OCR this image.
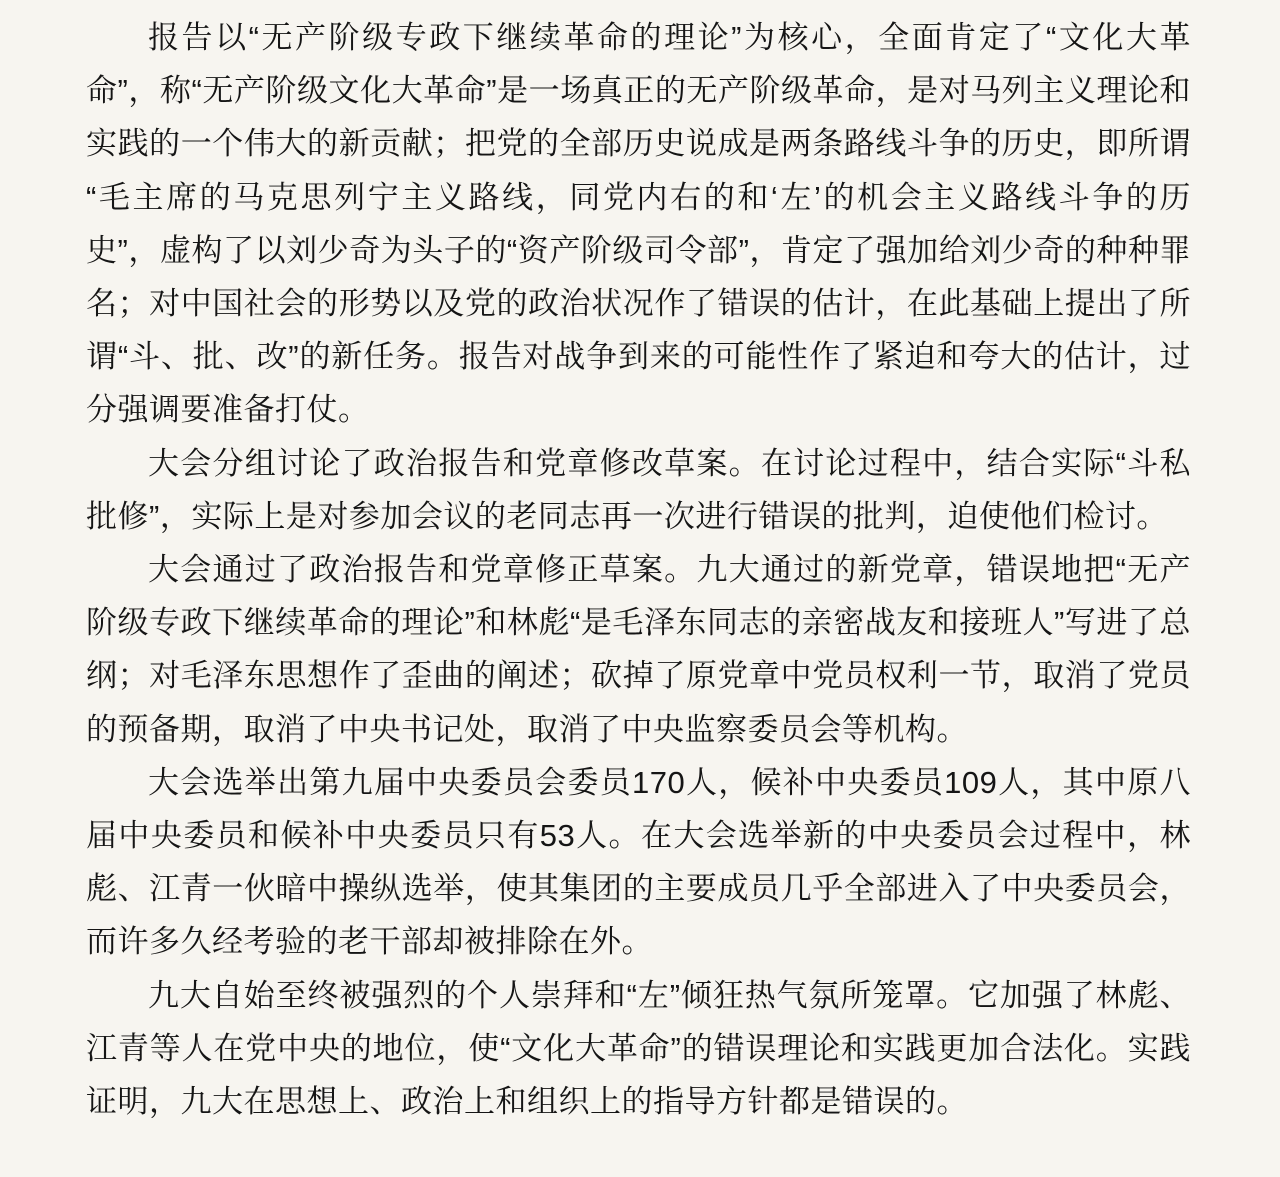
报告以“无产阶级专政下继续革命的理论”为核心，全面肯定了“文化大革命”，称“无产阶级文化大革命”是一场真正的无产阶级革命，是对马列主义理论和实践的一个伟大的新贡献；把党的全部历史说成是两条路线斗争的历史，即所谓“毛主席的马克思列宁主义路线，同党内右的和‘左’的机会主义路线斗争的历史”，虚构了以刘少奇为头子的“资产阶级司令部”，肯定了强加给刘少奇的种种罪名；对中国社会的形势以及党的政治状况作了错误的估计，在此基础上提出了所谓“斗、批、改”的新任务。报告对战争到来的可能性作了紧迫和夸大的估计，过分强调要准备打仗。

大会分组讨论了政治报告和党章修改草案。在讨论过程中，结合实际“斗私批修”，实际上是对参加会议的老同志再一次进行错误的批判，迫使他们检讨。

大会通过了政治报告和党章修正草案。九大通过的新党章，错误地把“无产阶级专政下继续革命的理论”和林彪“是毛泽东同志的亲密战友和接班人”写进了总纲；对毛泽东思想作了歪曲的阐述；砍掉了原党章中党员权利一节，取消了党员的预备期，取消了中央书记处，取消了中央监察委员会等机构。

大会选举出第九届中央委员会委员170人，候补中央委员109人，其中原八届中央委员和候补中央委员只有53人。在大会选举新的中央委员会过程中，林彪、江青一伙暗中操纵选举，使其集团的主要成员几乎全部进入了中央委员会，而许多久经考验的老干部却被排除在外。

九大自始至终被强烈的个人崇拜和“左”倾狂热气氛所笼罩。它加强了林彪、江青等人在党中央的地位，使“文化大革命”的错误理论和实践更加合法化。实践证明，九大在思想上、政治上和组织上的指导方针都是错误的。
